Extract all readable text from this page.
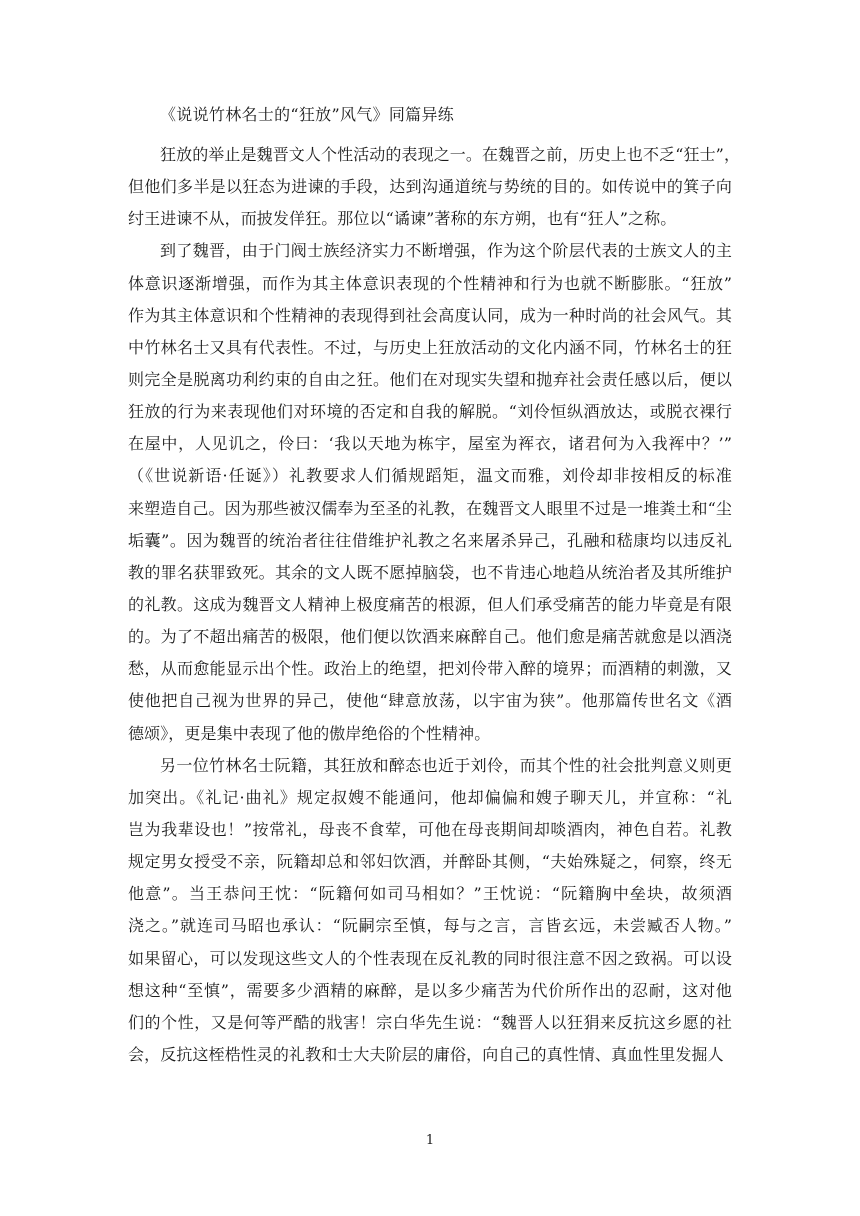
《说说竹林名士的“狂放”风气》同篇异练
狂放的举止是魏晋文人个性活动的表现之一。在魏晋之前，历史上也不乏“狂士”，
但他们多半是以狂态为进谏的手段，达到沟通道统与势统的目的。如传说中的箕子向
纣王进谏不从，而披发佯狂。那位以“谲谏”著称的东方朔，也有“狂人”之称。
到了魏晋，由于门阀士族经济实力不断增强，作为这个阶层代表的士族文人的主
体意识逐渐增强，而作为其主体意识表现的个性精神和行为也就不断膨胀。“狂放”
作为其主体意识和个性精神的表现得到社会高度认同，成为一种时尚的社会风气。其
中竹林名士又具有代表性。不过，与历史上狂放活动的文化内涵不同，竹林名士的狂
则完全是脱离功利约束的自由之狂。他们在对现实失望和抛弃社会责任感以后，便以
狂放的行为来表现他们对环境的否定和自我的解脱。“刘伶恒纵酒放达，或脱衣裸行
在屋中，人见讥之，伶曰：‘我以天地为栋宇，屋室为裈衣，诸君何为入我裈中？’”
（《世说新语·任诞》）礼教要求人们循规蹈矩，温文而雅，刘伶却非按相反的标准
来塑造自己。因为那些被汉儒奉为至圣的礼教，在魏晋文人眼里不过是一堆粪土和“尘
垢囊”。因为魏晋的统治者往往借维护礼教之名来屠杀异己，孔融和嵇康均以违反礼
教的罪名获罪致死。其余的文人既不愿掉脑袋，也不肯违心地趋从统治者及其所维护
的礼教。这成为魏晋文人精神上极度痛苦的根源，但人们承受痛苦的能力毕竟是有限
的。为了不超出痛苦的极限，他们便以饮酒来麻醉自己。他们愈是痛苦就愈是以酒浇
愁，从而愈能显示出个性。政治上的绝望，把刘伶带入醉的境界；而酒精的刺激，又
使他把自己视为世界的异己，使他“肆意放荡，以宇宙为狭”。他那篇传世名文《酒
德颂》，更是集中表现了他的傲岸绝俗的个性精神。
另一位竹林名士阮籍，其狂放和醉态也近于刘伶，而其个性的社会批判意义则更
加突出。《礼记·曲礼》规定叔嫂不能通问，他却偏偏和嫂子聊天儿，并宣称：“礼
岂为我辈设也！”按常礼，母丧不食荤，可他在母丧期间却啖酒肉，神色自若。礼教
规定男女授受不亲，阮籍却总和邻妇饮酒，并醉卧其侧，“夫始殊疑之，伺察，终无
他意”。当王恭问王忱：“阮籍何如司马相如？”王忱说：“阮籍胸中垒块，故须酒
浇之。”就连司马昭也承认：“阮嗣宗至慎，每与之言，言皆玄远，未尝臧否人物。”
如果留心，可以发现这些文人的个性表现在反礼教的同时很注意不因之致祸。可以设
想这种“至慎”，需要多少酒精的麻醉，是以多少痛苦为代价所作出的忍耐，这对他
们的个性，又是何等严酷的戕害！宗白华先生说：“魏晋人以狂狷来反抗这乡愿的社
会，反抗这桎梏性灵的礼教和士大夫阶层的庸俗，向自己的真性情、真血性里发掘人
1
